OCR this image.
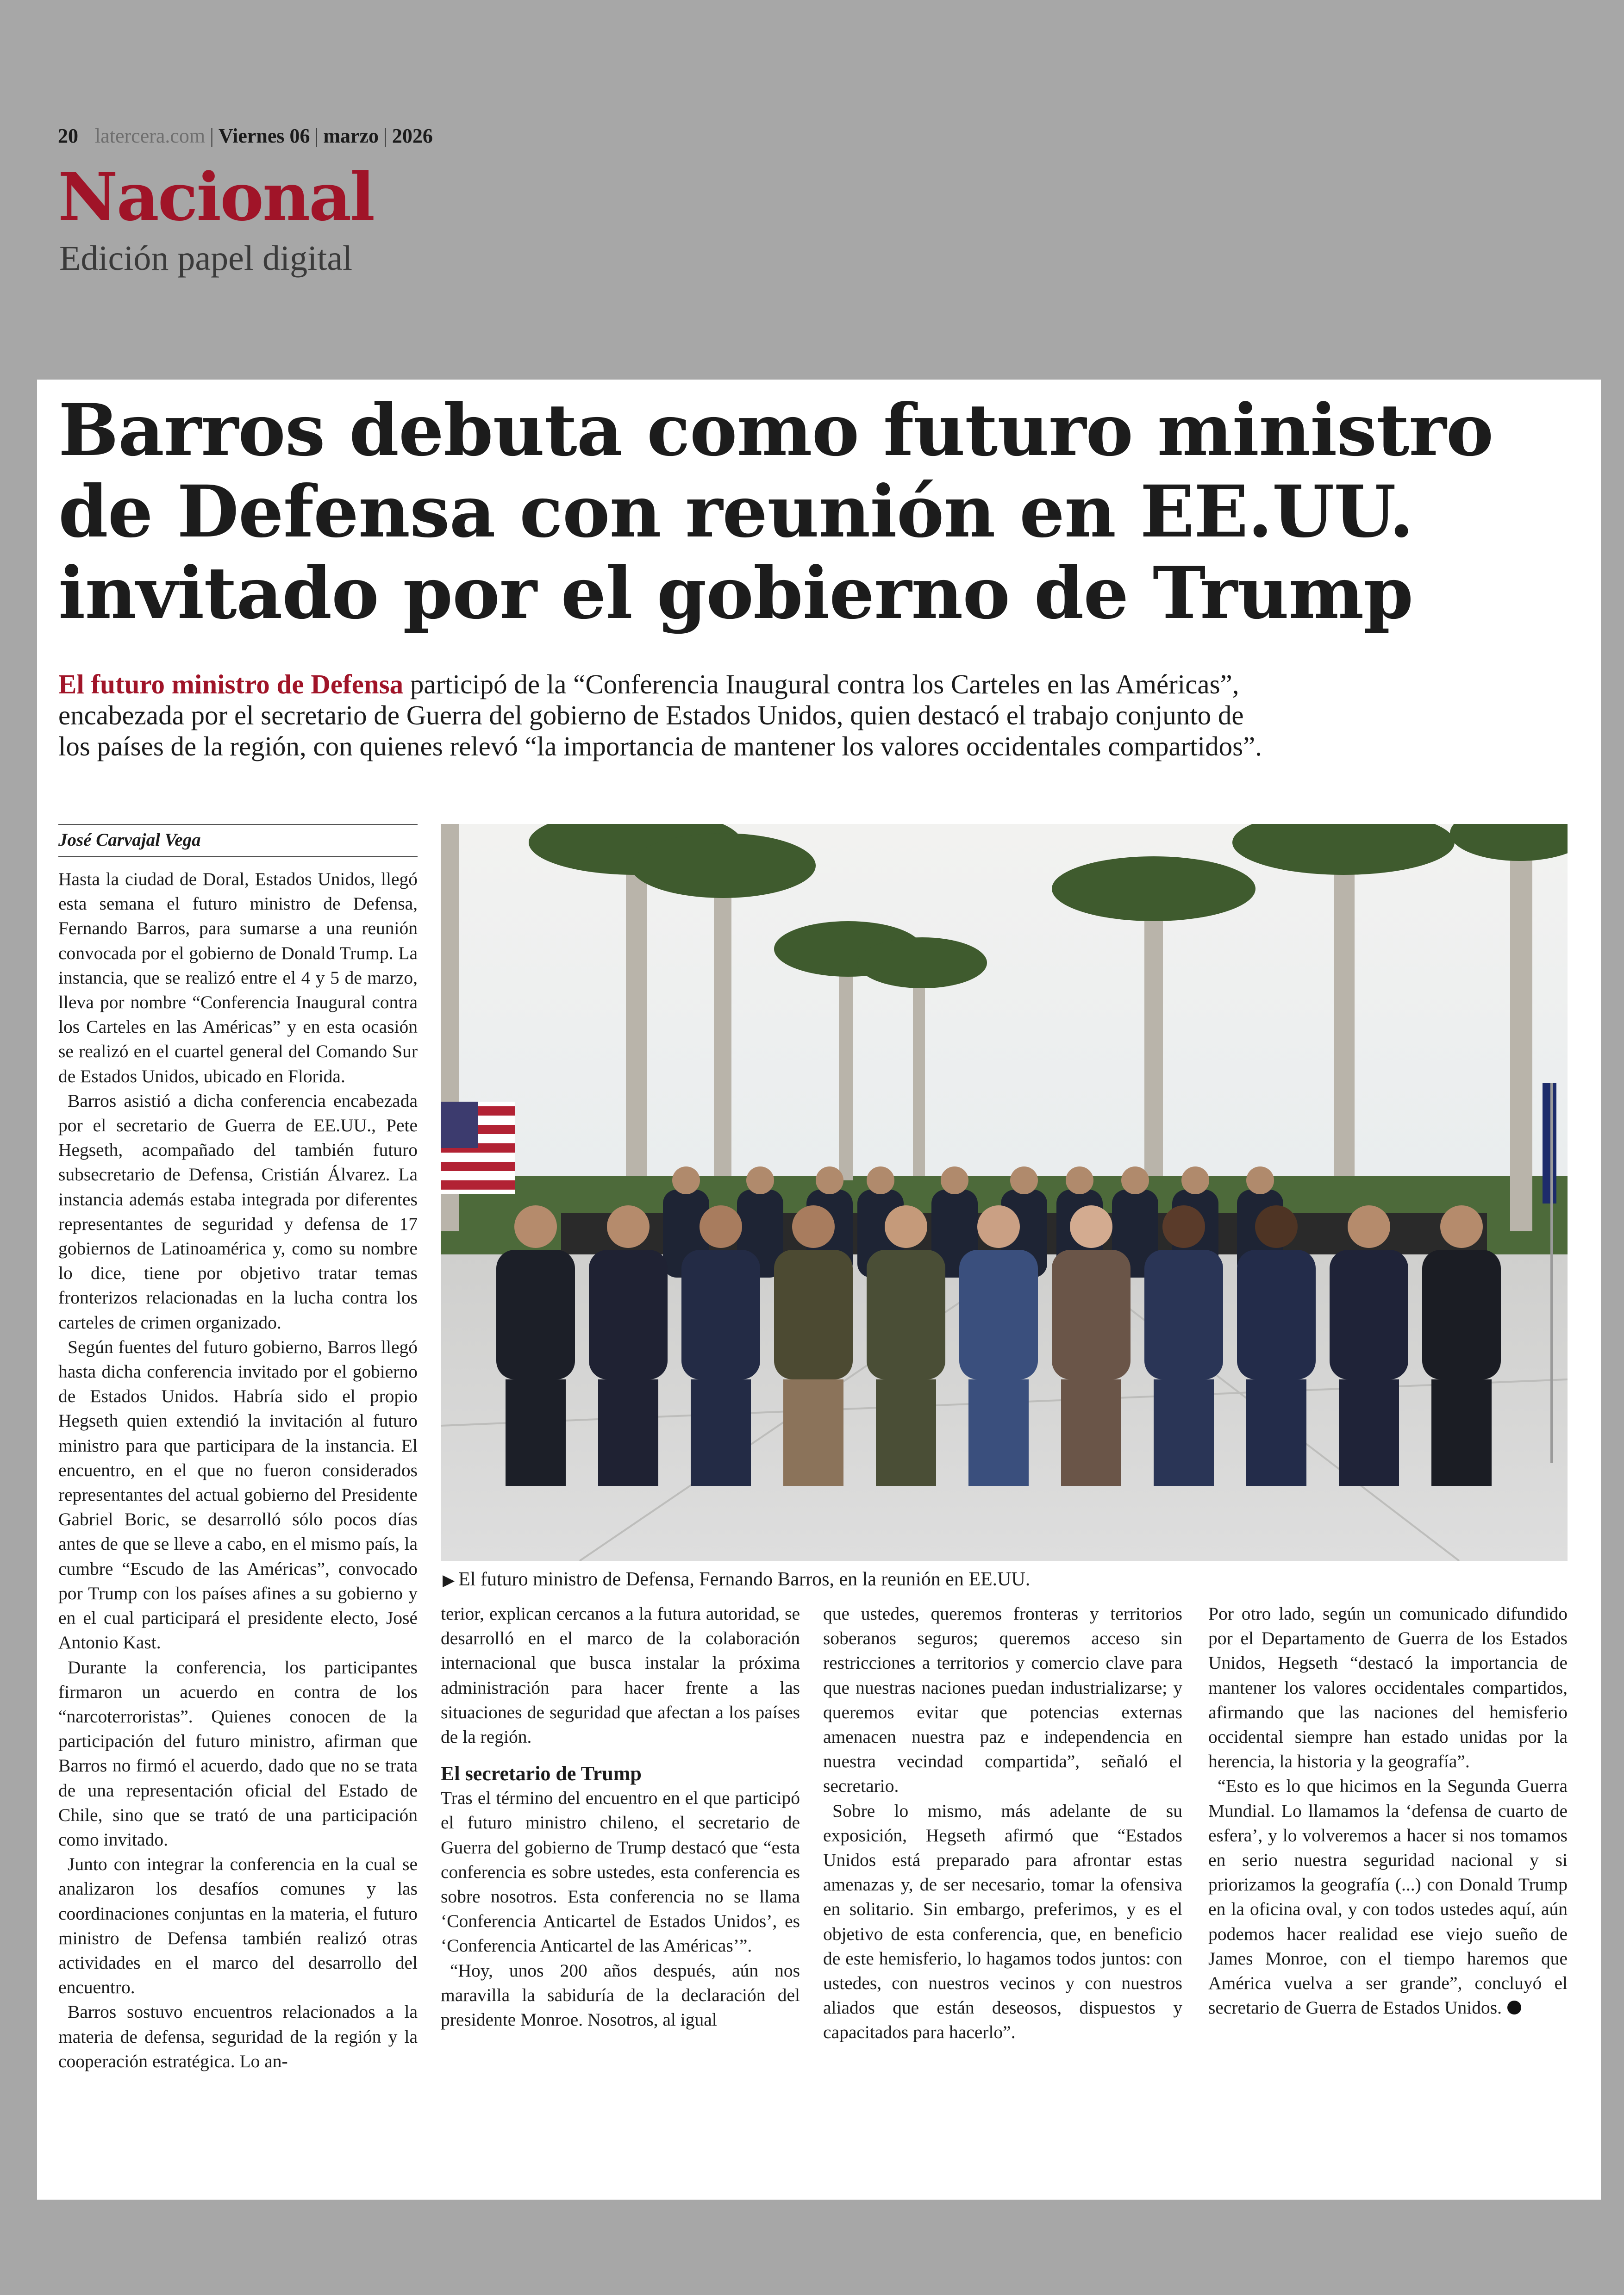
20 latercera.com | Viernes 06 | marzo | 2026
Nacional
Edición papel digital
Barros debuta como futuro ministro
de Defensa con reunión en EE.UU.
invitado por el gobierno de Trump
El futuro ministro de Defensa participó de la “Conferencia Inaugural contra los Carteles en las Américas”,
encabezada por el secretario de Guerra del gobierno de Estados Unidos, quien destacó el trabajo conjunto de
los países de la región, con quienes relevó “la importancia de mantener los valores occidentales compartidos”.
José Carvajal Vega
▶ El futuro ministro de Defensa, Fernando Barros, en la reunión en EE.UU.

Hasta la ciudad de Doral, Estados Unidos, llegó esta semana el futuro ministro de Defensa, Fernando Barros, para sumarse a una reunión convocada por el gobierno de Donald Trump. La instancia, que se realizó entre el 4 y 5 de marzo, lleva por nombre “Conferencia Inaugural contra los Carteles en las Américas” y en esta ocasión se realizó en el cuartel general del Comando Sur de Estados Unidos, ubicado en Florida.

Barros asistió a dicha conferencia encabezada por el secretario de Guerra de EE.UU., Pete Hegseth, acompañado del también futuro subsecretario de Defensa, Cristián Álvarez. La instancia además estaba integrada por diferentes representantes de seguridad y defensa de 17 gobiernos de Latinoamérica y, como su nombre lo dice, tiene por objetivo tratar temas fronterizos relacionadas en la lucha contra los carteles de crimen organizado.

Según fuentes del futuro gobierno, Barros llegó hasta dicha conferencia invitado por el gobierno de Estados Unidos. Habría sido el propio Hegseth quien extendió la invitación al futuro ministro para que participara de la instancia. El encuentro, en el que no fueron considerados representantes del actual gobierno del Presidente Gabriel Boric, se desarrolló sólo pocos días antes de que se lleve a cabo, en el mismo país, la cumbre “Escudo de las Américas”, convocado por Trump con los países afines a su gobierno y en el cual participará el presidente electo, José Antonio Kast.

Durante la conferencia, los participantes firmaron un acuerdo en contra de los “narcoterroristas”. Quienes conocen de la participación del futuro ministro, afirman que Barros no firmó el acuerdo, dado que no se trata de una representación oficial del Estado de Chile, sino que se trató de una participación como invitado.

Junto con integrar la conferencia en la cual se analizaron los desafíos comunes y las coordinaciones conjuntas en la materia, el futuro ministro de Defensa también realizó otras actividades en el marco del desarrollo del encuentro.

Barros sostuvo encuentros relacionados a la materia de defensa, seguridad de la región y la cooperación estratégica. Lo an-

terior, explican cercanos a la futura autoridad, se desarrolló en el marco de la colaboración internacional que busca instalar la próxima administración para hacer frente a las situaciones de seguridad que afectan a los países de la región.

El secretario de Trump

Tras el término del encuentro en el que participó el futuro ministro chileno, el secretario de Guerra del gobierno de Trump destacó que “esta conferencia es sobre ustedes, esta conferencia es sobre nosotros. Esta conferencia no se llama ‘Conferencia Anticartel de Estados Unidos’, es ‘Conferencia Anticartel de las Américas’”.

“Hoy, unos 200 años después, aún nos maravilla la sabiduría de la declaración del presidente Monroe. Nosotros, al igual

que ustedes, queremos fronteras y territorios soberanos seguros; queremos acceso sin restricciones a territorios y comercio clave para que nuestras naciones puedan industrializarse; y queremos evitar que potencias externas amenacen nuestra paz e independencia en nuestra vecindad compartida”, señaló el secretario.

Sobre lo mismo, más adelante de su exposición, Hegseth afirmó que “Estados Unidos está preparado para afrontar estas amenazas y, de ser necesario, tomar la ofensiva en solitario. Sin embargo, preferimos, y es el objetivo de esta conferencia, que, en beneficio de este hemisferio, lo hagamos todos juntos: con ustedes, con nuestros vecinos y con nuestros aliados que están deseosos, dispuestos y capacitados para hacerlo”.

Por otro lado, según un comunicado difundido por el Departamento de Guerra de los Estados Unidos, Hegseth “destacó la importancia de mantener los valores occidentales compartidos, afirmando que las naciones del hemisferio occidental siempre han estado unidas por la herencia, la historia y la geografía”.

“Esto es lo que hicimos en la Segunda Guerra Mundial. Lo llamamos la ‘defensa de cuarto de esfera’, y lo volveremos a hacer si nos tomamos en serio nuestra seguridad nacional y si priorizamos la geografía (...) con Donald Trump en la oficina oval, y con todos ustedes aquí, aún podemos hacer realidad ese viejo sueño de James Monroe, con el tiempo haremos que América vuelva a ser grande”, concluyó el secretario de Guerra de Estados Unidos.
